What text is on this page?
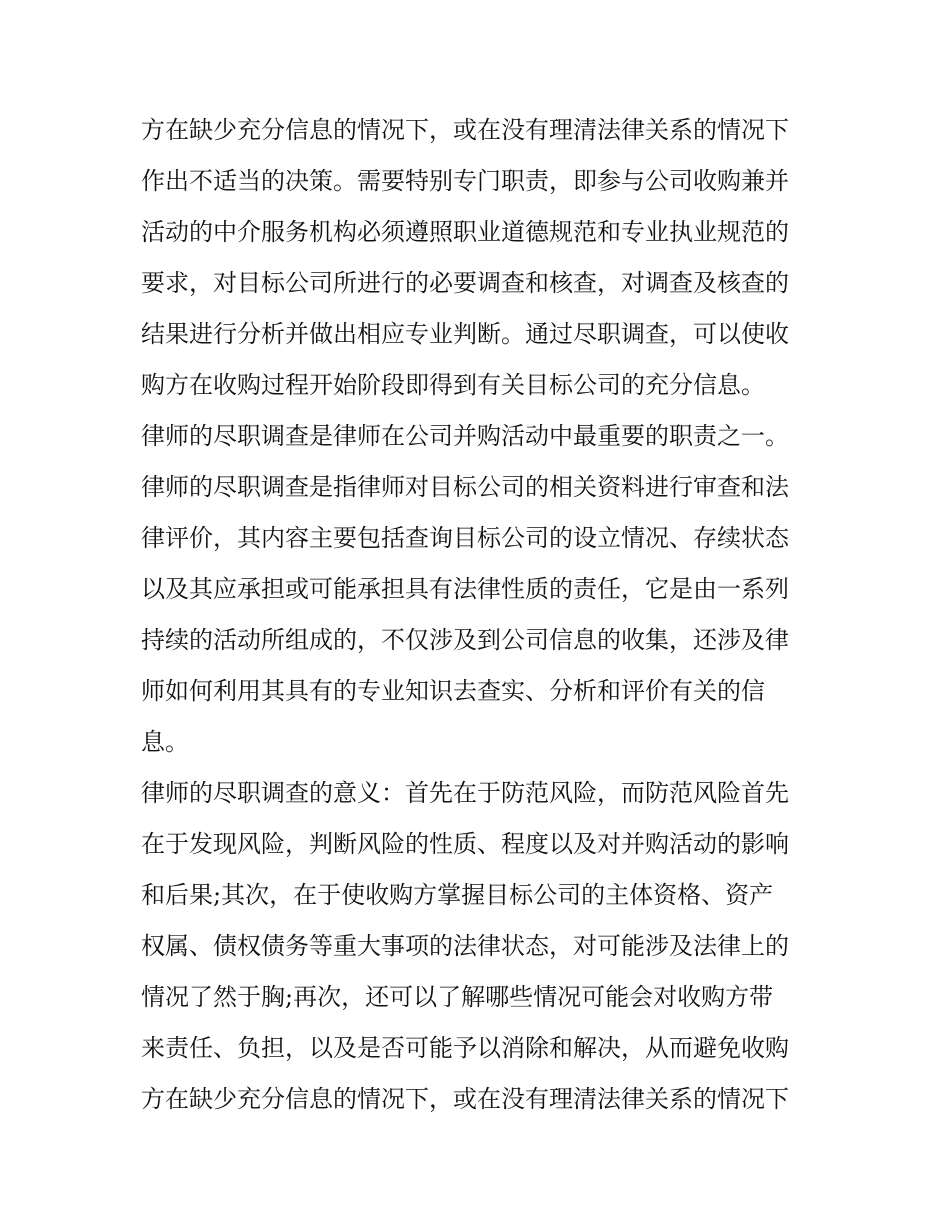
方在缺少充分信息的情况下，或在没有理清法律关系的情况下
作出不适当的决策。需要特别专门职责，即参与公司收购兼并
活动的中介服务机构必须遵照职业道德规范和专业执业规范的
要求，对目标公司所进行的必要调查和核查，对调查及核查的
结果进行分析并做出相应专业判断。通过尽职调查，可以使收
购方在收购过程开始阶段即得到有关目标公司的充分信息。
律师的尽职调查是律师在公司并购活动中最重要的职责之一。
律师的尽职调查是指律师对目标公司的相关资料进行审查和法
律评价，其内容主要包括查询目标公司的设立情况、存续状态
以及其应承担或可能承担具有法律性质的责任，它是由一系列
持续的活动所组成的，不仅涉及到公司信息的收集，还涉及律
师如何利用其具有的专业知识去查实、分析和评价有关的信
息。
律师的尽职调查的意义：首先在于防范风险，而防范风险首先
在于发现风险，判断风险的性质、程度以及对并购活动的影响
和后果;其次，在于使收购方掌握目标公司的主体资格、资产
权属、债权债务等重大事项的法律状态，对可能涉及法律上的
情况了然于胸;再次，还可以了解哪些情况可能会对收购方带
来责任、负担，以及是否可能予以消除和解决，从而避免收购
方在缺少充分信息的情况下，或在没有理清法律关系的情况下
